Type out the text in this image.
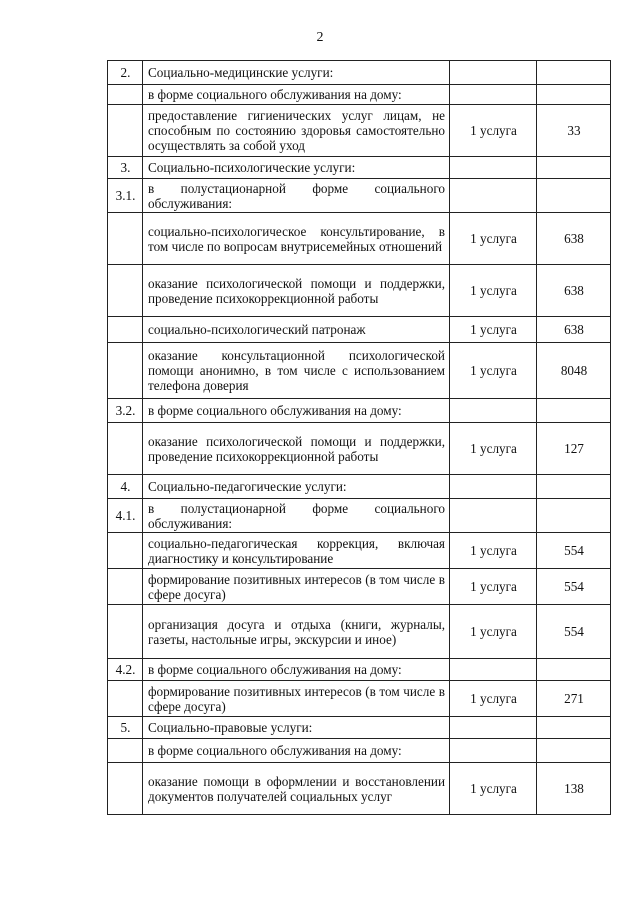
2
2.	Социально-медицинские услуги:		
	в форме социального обслуживания на дому:		
	предоставление гигиенических услуг лицам, не способным по состоянию здоровья самостоятельно осуществлять за собой уход	1 услуга	33
3.	Социально-психологические услуги:		
3.1.	в полустационарной форме социального обслуживания:		
	социально-психологическое консультирование, в том числе по вопросам внутрисемейных отношений	1 услуга	638
	оказание психологической помощи и поддержки, проведение психокоррекционной работы	1 услуга	638
	социально-психологический патронаж	1 услуга	638
	оказание консультационной психологической помощи анонимно, в том числе с использованием телефона доверия	1 услуга	8048
3.2.	в форме социального обслуживания на дому:		
	оказание психологической помощи и поддержки, проведение психокоррекционной работы	1 услуга	127
4.	Социально-педагогические услуги:		
4.1.	в полустационарной форме социального обслуживания:		
	социально-педагогическая коррекция, включая диагностику и консультирование	1 услуга	554
	формирование позитивных интересов (в том числе в сфере досуга)	1 услуга	554
	организация досуга и отдыха (книги, журналы, газеты, настольные игры, экскурсии и иное)	1 услуга	554
4.2.	в форме социального обслуживания на дому:		
	формирование позитивных интересов (в том числе в сфере досуга)	1 услуга	271
5.	Социально-правовые услуги:		
	в форме социального обслуживания на дому:		
	оказание помощи в оформлении и восстановлении документов получателей социальных услуг	1 услуга	138
